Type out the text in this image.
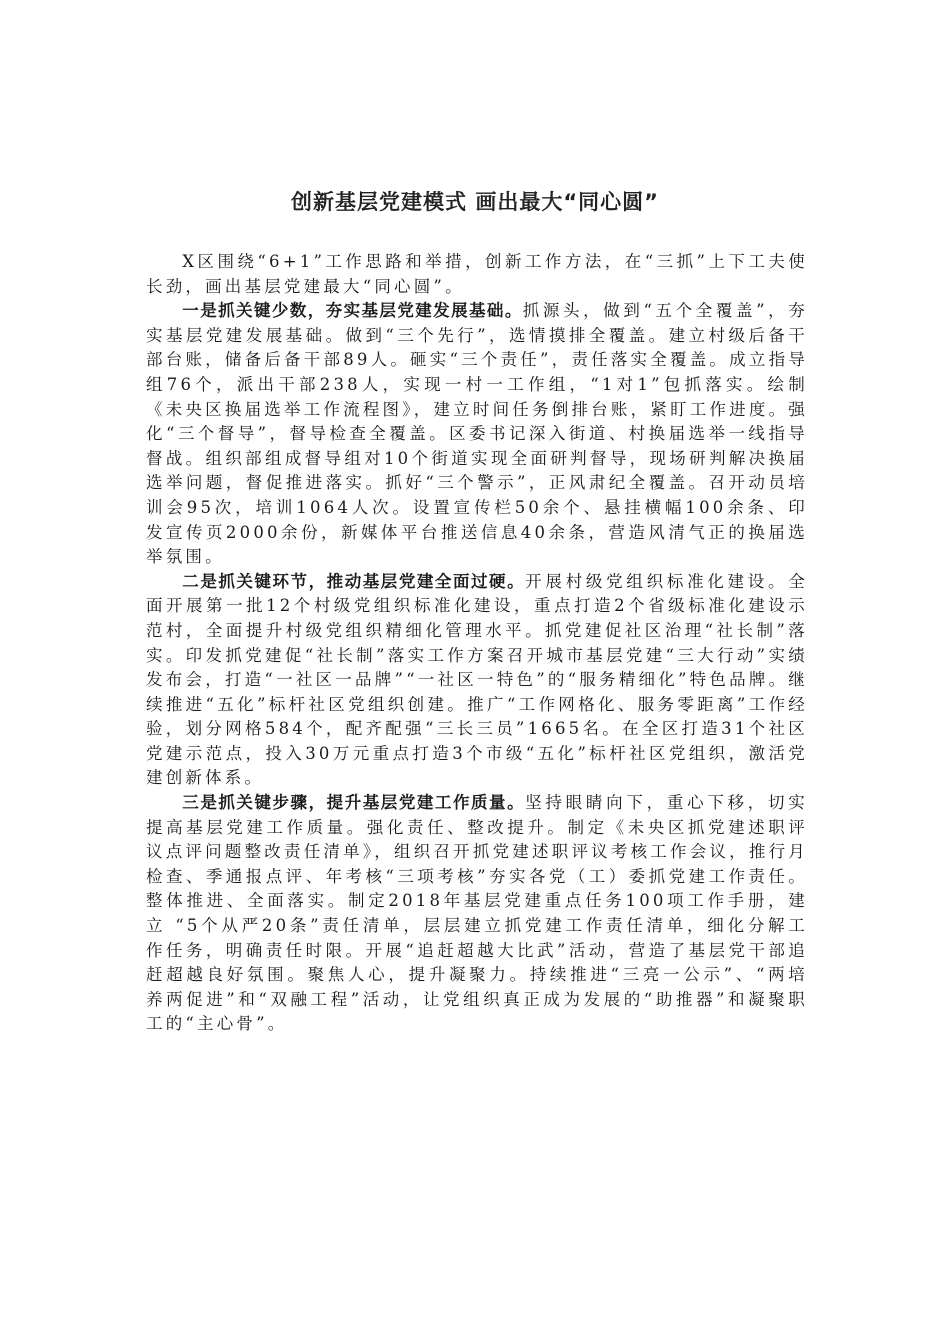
创新基层党建模式 画出最大“同心圆”

X区围绕“6+1”工作思路和举措，创新工作方法，在“三抓”上下工夫使长劲，画出基层党建最大“同心圆”。

一是抓关键少数，夯实基层党建发展基础。抓源头，做到“五个全覆盖”，夯实基层党建发展基础。做到“三个先行”，选情摸排全覆盖。建立村级后备干部台账，储备后备干部89人。砸实“三个责任”，责任落实全覆盖。成立指导组76个，派出干部238人，实现一村一工作组，“1对1”包抓落实。绘制《未央区换届选举工作流程图》，建立时间任务倒排台账，紧盯工作进度。强化“三个督导”，督导检查全覆盖。区委书记深入街道、村换届选举一线指导督战。组织部组成督导组对10个街道实现全面研判督导，现场研判解决换届选举问题，督促推进落实。抓好“三个警示”，正风肃纪全覆盖。召开动员培训会95次，培训1064人次。设置宣传栏50余个、悬挂横幅100余条、印发宣传页2000余份，新媒体平台推送信息40余条，营造风清气正的换届选举氛围。

二是抓关键环节，推动基层党建全面过硬。开展村级党组织标准化建设。全面开展第一批12个村级党组织标准化建设，重点打造2个省级标准化建设示范村，全面提升村级党组织精细化管理水平。抓党建促社区治理“社长制”落实。印发抓党建促“社长制”落实工作方案召开城市基层党建“三大行动”实绩发布会，打造“一社区一品牌”“一社区一特色”的“服务精细化”特色品牌。继续推进“五化”标杆社区党组织创建。推广“工作网格化、服务零距离”工作经验，划分网格584个，配齐配强“三长三员”1665名。在全区打造31个社区党建示范点，投入30万元重点打造3个市级“五化”标杆社区党组织，激活党建创新体系。

三是抓关键步骤，提升基层党建工作质量。坚持眼睛向下，重心下移，切实提高基层党建工作质量。强化责任、整改提升。制定《未央区抓党建述职评议点评问题整改责任清单》，组织召开抓党建述职评议考核工作会议，推行月检查、季通报点评、年考核“三项考核”夯实各党（工）委抓党建工作责任。整体推进、全面落实。制定2018年基层党建重点任务100项工作手册，建立 “5个从严20条”责任清单，层层建立抓党建工作责任清单，细化分解工作任务，明确责任时限。开展“追赶超越大比武”活动，营造了基层党干部追赶超越良好氛围。聚焦人心，提升凝聚力。持续推进“三亮一公示”、“两培养两促进”和“双融工程”活动，让党组织真正成为发展的“助推器”和凝聚职工的“主心骨”。
